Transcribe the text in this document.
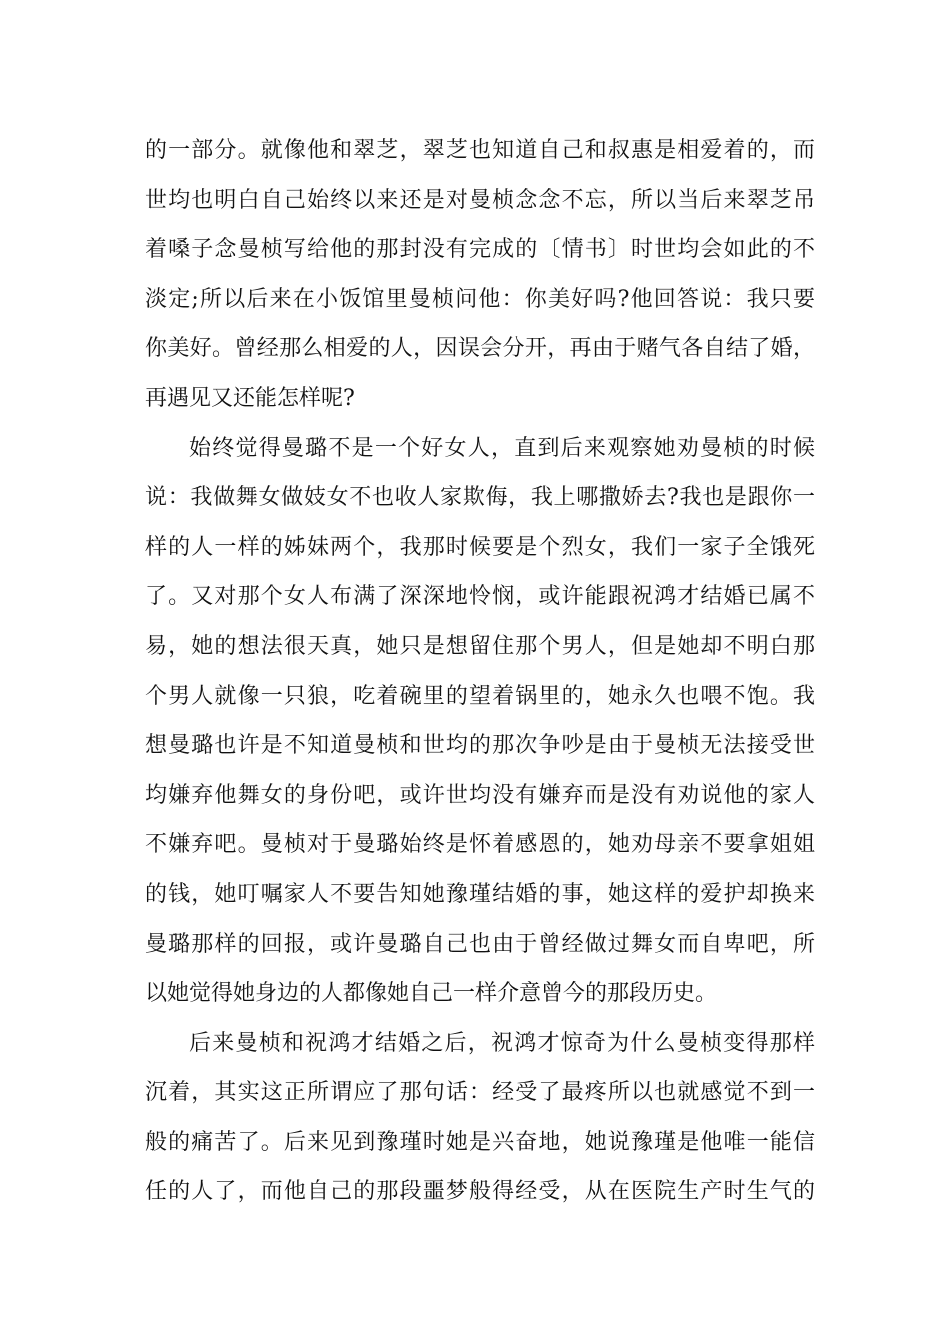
的一部分。就像他和翠芝，翠芝也知道自己和叔惠是相爱着的，而
世均也明白自己始终以来还是对曼桢念念不忘，所以当后来翠芝吊
着嗓子念曼桢写给他的那封没有完成的〔情书〕时世均会如此的不
淡定;所以后来在小饭馆里曼桢问他：你美好吗?他回答说：我只要
你美好。曾经那么相爱的人，因误会分开，再由于赌气各自结了婚，
再遇见又还能怎样呢?
始终觉得曼璐不是一个好女人，直到后来观察她劝曼桢的时候
说：我做舞女做妓女不也收人家欺侮，我上哪撒娇去?我也是跟你一
样的人一样的姊妹两个，我那时候要是个烈女，我们一家子全饿死
了。又对那个女人布满了深深地怜悯，或许能跟祝鸿才结婚已属不
易，她的想法很天真，她只是想留住那个男人，但是她却不明白那
个男人就像一只狼，吃着碗里的望着锅里的，她永久也喂不饱。我
想曼璐也许是不知道曼桢和世均的那次争吵是由于曼桢无法接受世
均嫌弃他舞女的身份吧，或许世均没有嫌弃而是没有劝说他的家人
不嫌弃吧。曼桢对于曼璐始终是怀着感恩的，她劝母亲不要拿姐姐
的钱，她叮嘱家人不要告知她豫瑾结婚的事，她这样的爱护却换来
曼璐那样的回报，或许曼璐自己也由于曾经做过舞女而自卑吧，所
以她觉得她身边的人都像她自己一样介意曾今的那段历史。
后来曼桢和祝鸿才结婚之后，祝鸿才惊奇为什么曼桢变得那样
沉着，其实这正所谓应了那句话：经受了最疼所以也就感觉不到一
般的痛苦了。后来见到豫瑾时她是兴奋地，她说豫瑾是他唯一能信
任的人了，而他自己的那段噩梦般得经受，从在医院生产时生气的
